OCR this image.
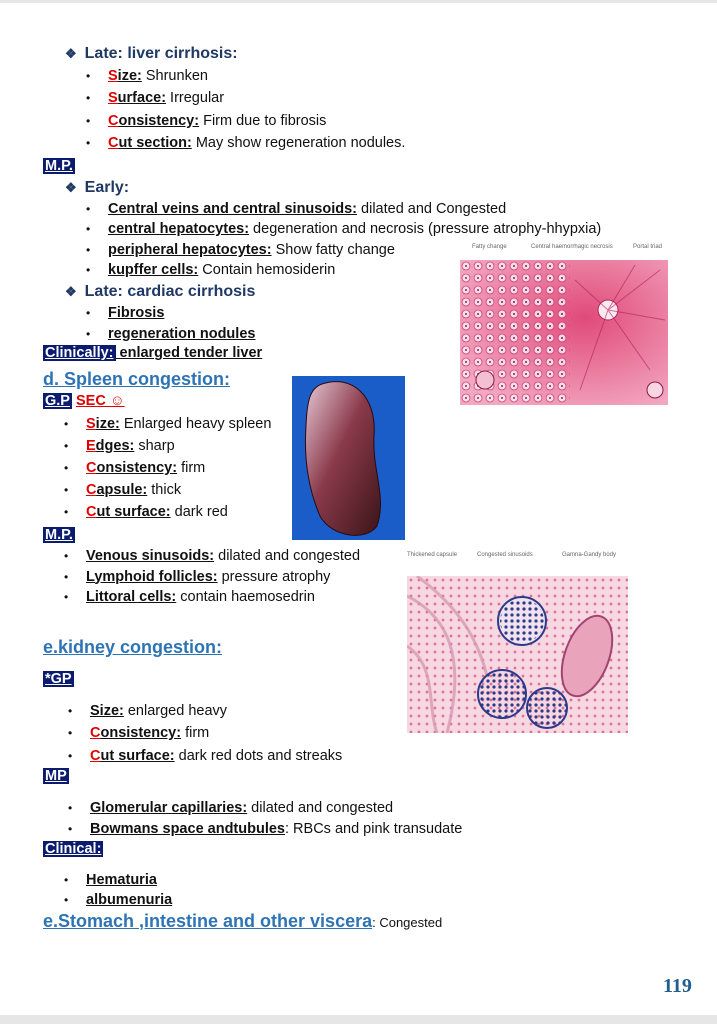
❖ Late: liver cirrhosis:
• Size: Shrunken
• Surface: Irregular
• Consistency: Firm due to fibrosis
• Cut section: May show regeneration nodules.
M.P.
❖ Early:
• Central veins and central sinusoids: dilated and Congested
• central hepatocytes: degeneration and necrosis (pressure atrophy-hhypxia)
• peripheral hepatocytes: Show fatty change
• kupffer cells: Contain hemosiderin
❖ Late: cardiac cirrhosis
• Fibrosis
• regeneration nodules
Clinically: enlarged tender liver
Fatty change	Central haemorrhagic necrosis	Portal triad
d. Spleen congestion:
G.P SEC ☺
• Size: Enlarged heavy spleen
• Edges: sharp
• Consistency: firm
• Capsule: thick
• Cut surface: dark red
M.P.
• Venous sinusoids: dilated and congested
• Lymphoid follicles: pressure atrophy
• Littoral cells: contain haemosedrin
Thickened capsule	Congested sinusoids	Gamna-Gandy body
e.kidney congestion:
*GP
• Size: enlarged heavy
• Consistency: firm
• Cut surface: dark red dots and streaks
MP
• Glomerular capillaries: dilated and congested
• Bowmans space andtubules: RBCs and pink transudate
Clinical:
• Hematuria
• albumenuria
e.Stomach ,intestine and other viscera: Congested
119
